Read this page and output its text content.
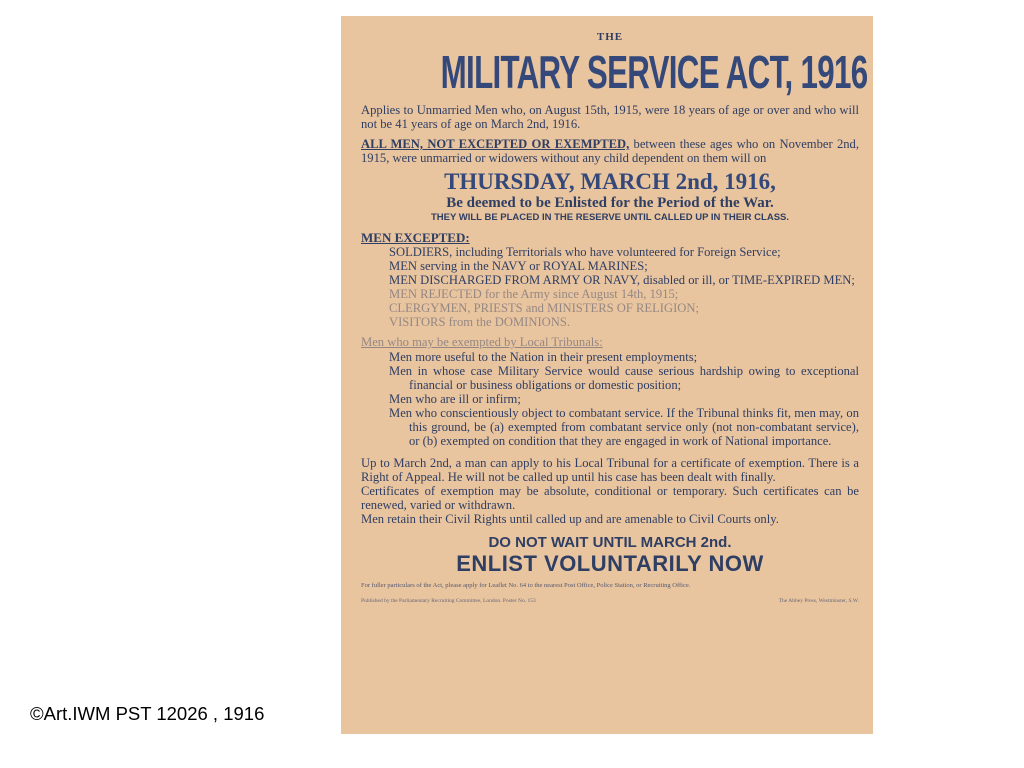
THE

MILITARY SERVICE ACT, 1916

Applies to Unmarried Men who, on August 15th, 1915, were 18 years of age or over and who will not be 41 years of age on March 2nd, 1916.

ALL MEN, NOT EXCEPTED OR EXEMPTED, between these ages who on November 2nd, 1915, were unmarried or widowers without any child dependent on them will on

THURSDAY, MARCH 2nd, 1916,

Be deemed to be Enlisted for the Period of the War.

THEY WILL BE PLACED IN THE RESERVE UNTIL CALLED UP IN THEIR CLASS.

MEN EXCEPTED:

SOLDIERS, including Territorials who have volunteered for Foreign Service;

MEN serving in the NAVY or ROYAL MARINES;

MEN DISCHARGED FROM ARMY OR NAVY, disabled or ill, or TIME-EXPIRED MEN;

MEN REJECTED for the Army since August 14th, 1915;

CLERGYMEN, PRIESTS and MINISTERS OF RELIGION;

VISITORS from the DOMINIONS.

Men who may be exempted by Local Tribunals:

Men more useful to the Nation in their present employments;

Men in whose case Military Service would cause serious hardship owing to exceptional financial or business obligations or domestic position;

Men who are ill or infirm;

Men who conscientiously object to combatant service. If the Tribunal thinks fit, men may, on this ground, be (a) exempted from combatant service only (not non-combatant service), or (b) exempted on condition that they are engaged in work of National importance.

Up to March 2nd, a man can apply to his Local Tribunal for a certificate of exemption. There is a Right of Appeal. He will not be called up until his case has been dealt with finally.

Certificates of exemption may be absolute, conditional or temporary. Such certificates can be renewed, varied or withdrawn.

Men retain their Civil Rights until called up and are amenable to Civil Courts only.

DO NOT WAIT UNTIL MARCH 2nd.

ENLIST VOLUNTARILY NOW

For fuller particulars of the Act, please apply for Leaflet No. 64 to the nearest Post Office, Police Station, or Recruiting Office.

Published by the Parliamentary Recruiting Committee, London. Poster No. 153	The Abbey Press, Westminster, S.W.
©Art.IWM PST 12026 , 1916
